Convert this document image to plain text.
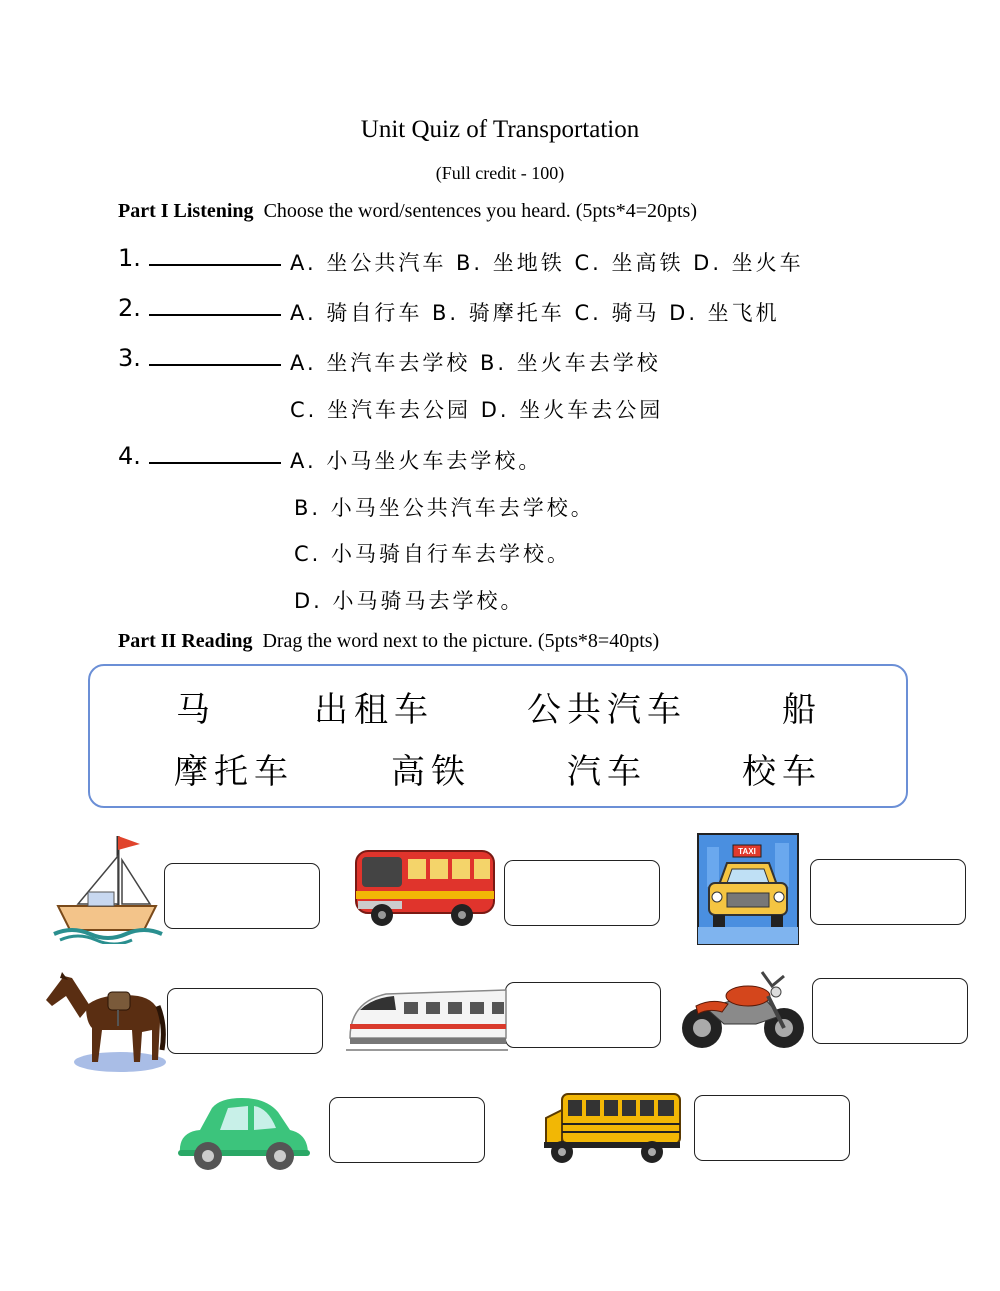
Unit Quiz of Transportation
(Full credit - 100)
Part I Listening Choose the word/sentences you heard. (5pts*4=20pts)
1.	A. 坐公共汽车 B. 坐地铁 C. 坐高铁 D. 坐火车
2.	A. 骑自行车 B. 骑摩托车 C. 骑马 D. 坐飞机
3.	A. 坐汽车去学校 B. 坐火车去学校
C. 坐汽车去公园 D. 坐火车去公园
4.	A. 小马坐火车去学校。
B. 小马坐公共汽车去学校。
C. 小马骑自行车去学校。
D. 小马骑马去学校。
Part II Reading Drag the word next to the picture. (5pts*8=40pts)
马	出租车	公共汽车	船
摩托车	高铁	汽车	校车
TAXI
